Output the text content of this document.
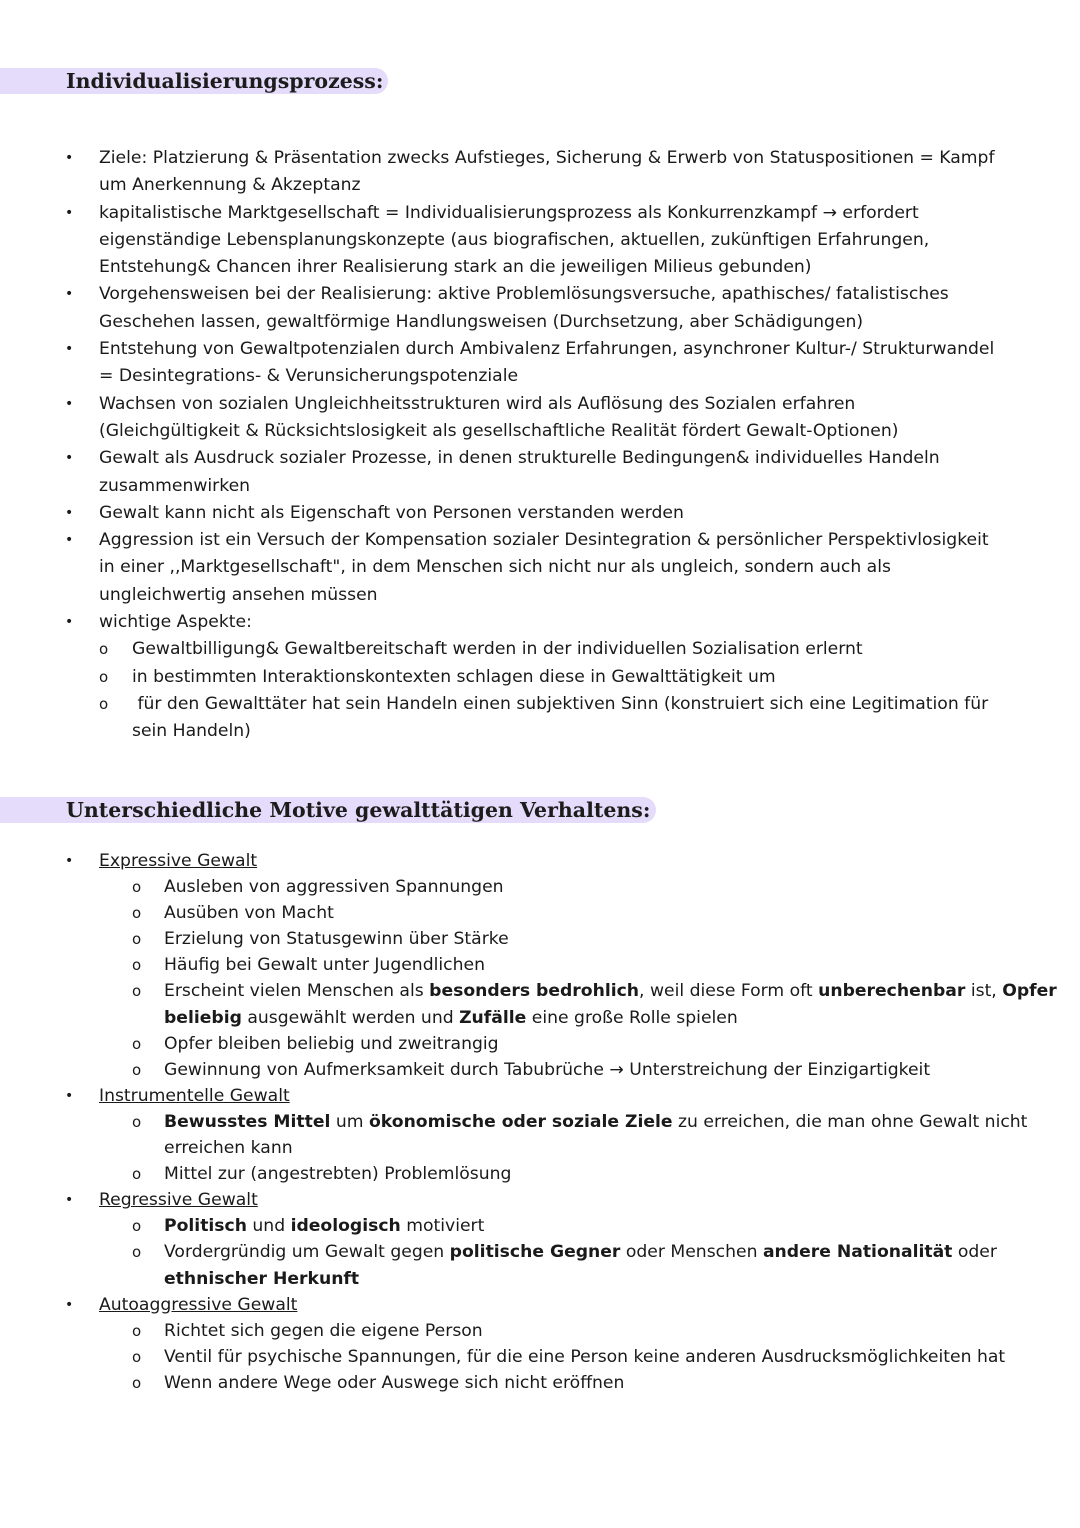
Individualisierungsprozess:
• Ziele: Platzierung & Präsentation zwecks Aufstieges, Sicherung & Erwerb von Statuspositionen = Kampf
um Anerkennung & Akzeptanz
• kapitalistische Marktgesellschaft = Individualisierungsprozess als Konkurrenzkampf → erfordert
eigenständige Lebensplanungskonzepte (aus biografischen, aktuellen, zukünftigen Erfahrungen,
Entstehung& Chancen ihrer Realisierung stark an die jeweiligen Milieus gebunden)
• Vorgehensweisen bei der Realisierung: aktive Problemlösungsversuche, apathisches/ fatalistisches
Geschehen lassen, gewaltförmige Handlungsweisen (Durchsetzung, aber Schädigungen)
• Entstehung von Gewaltpotenzialen durch Ambivalenz Erfahrungen, asynchroner Kultur-/ Strukturwandel
= Desintegrations- & Verunsicherungspotenziale
• Wachsen von sozialen Ungleichheitsstrukturen wird als Auflösung des Sozialen erfahren
(Gleichgültigkeit & Rücksichtslosigkeit als gesellschaftliche Realität fördert Gewalt-Optionen)
• Gewalt als Ausdruck sozialer Prozesse, in denen strukturelle Bedingungen& individuelles Handeln
zusammenwirken
• Gewalt kann nicht als Eigenschaft von Personen verstanden werden
• Aggression ist ein Versuch der Kompensation sozialer Desintegration & persönlicher Perspektivlosigkeit
in einer ,,Marktgesellschaft", in dem Menschen sich nicht nur als ungleich, sondern auch als
ungleichwertig ansehen müssen
• wichtige Aspekte:
o Gewaltbilligung& Gewaltbereitschaft werden in der individuellen Sozialisation erlernt
o in bestimmten Interaktionskontexten schlagen diese in Gewalttätigkeit um
o für den Gewalttäter hat sein Handeln einen subjektiven Sinn (konstruiert sich eine Legitimation für
sein Handeln)
Unterschiedliche Motive gewalttätigen Verhaltens:
• Expressive Gewalt
o Ausleben von aggressiven Spannungen
o Ausüben von Macht
o Erzielung von Statusgewinn über Stärke
o Häufig bei Gewalt unter Jugendlichen
o Erscheint vielen Menschen als besonders bedrohlich, weil diese Form oft unberechenbar ist, Opfer
beliebig ausgewählt werden und Zufälle eine große Rolle spielen
o Opfer bleiben beliebig und zweitrangig
o Gewinnung von Aufmerksamkeit durch Tabubrüche → Unterstreichung der Einzigartigkeit
• Instrumentelle Gewalt
o Bewusstes Mittel um ökonomische oder soziale Ziele zu erreichen, die man ohne Gewalt nicht
erreichen kann
o Mittel zur (angestrebten) Problemlösung
• Regressive Gewalt
o Politisch und ideologisch motiviert
o Vordergründig um Gewalt gegen politische Gegner oder Menschen andere Nationalität oder
ethnischer Herkunft
• Autoaggressive Gewalt
o Richtet sich gegen die eigene Person
o Ventil für psychische Spannungen, für die eine Person keine anderen Ausdrucksmöglichkeiten hat
o Wenn andere Wege oder Auswege sich nicht eröffnen
